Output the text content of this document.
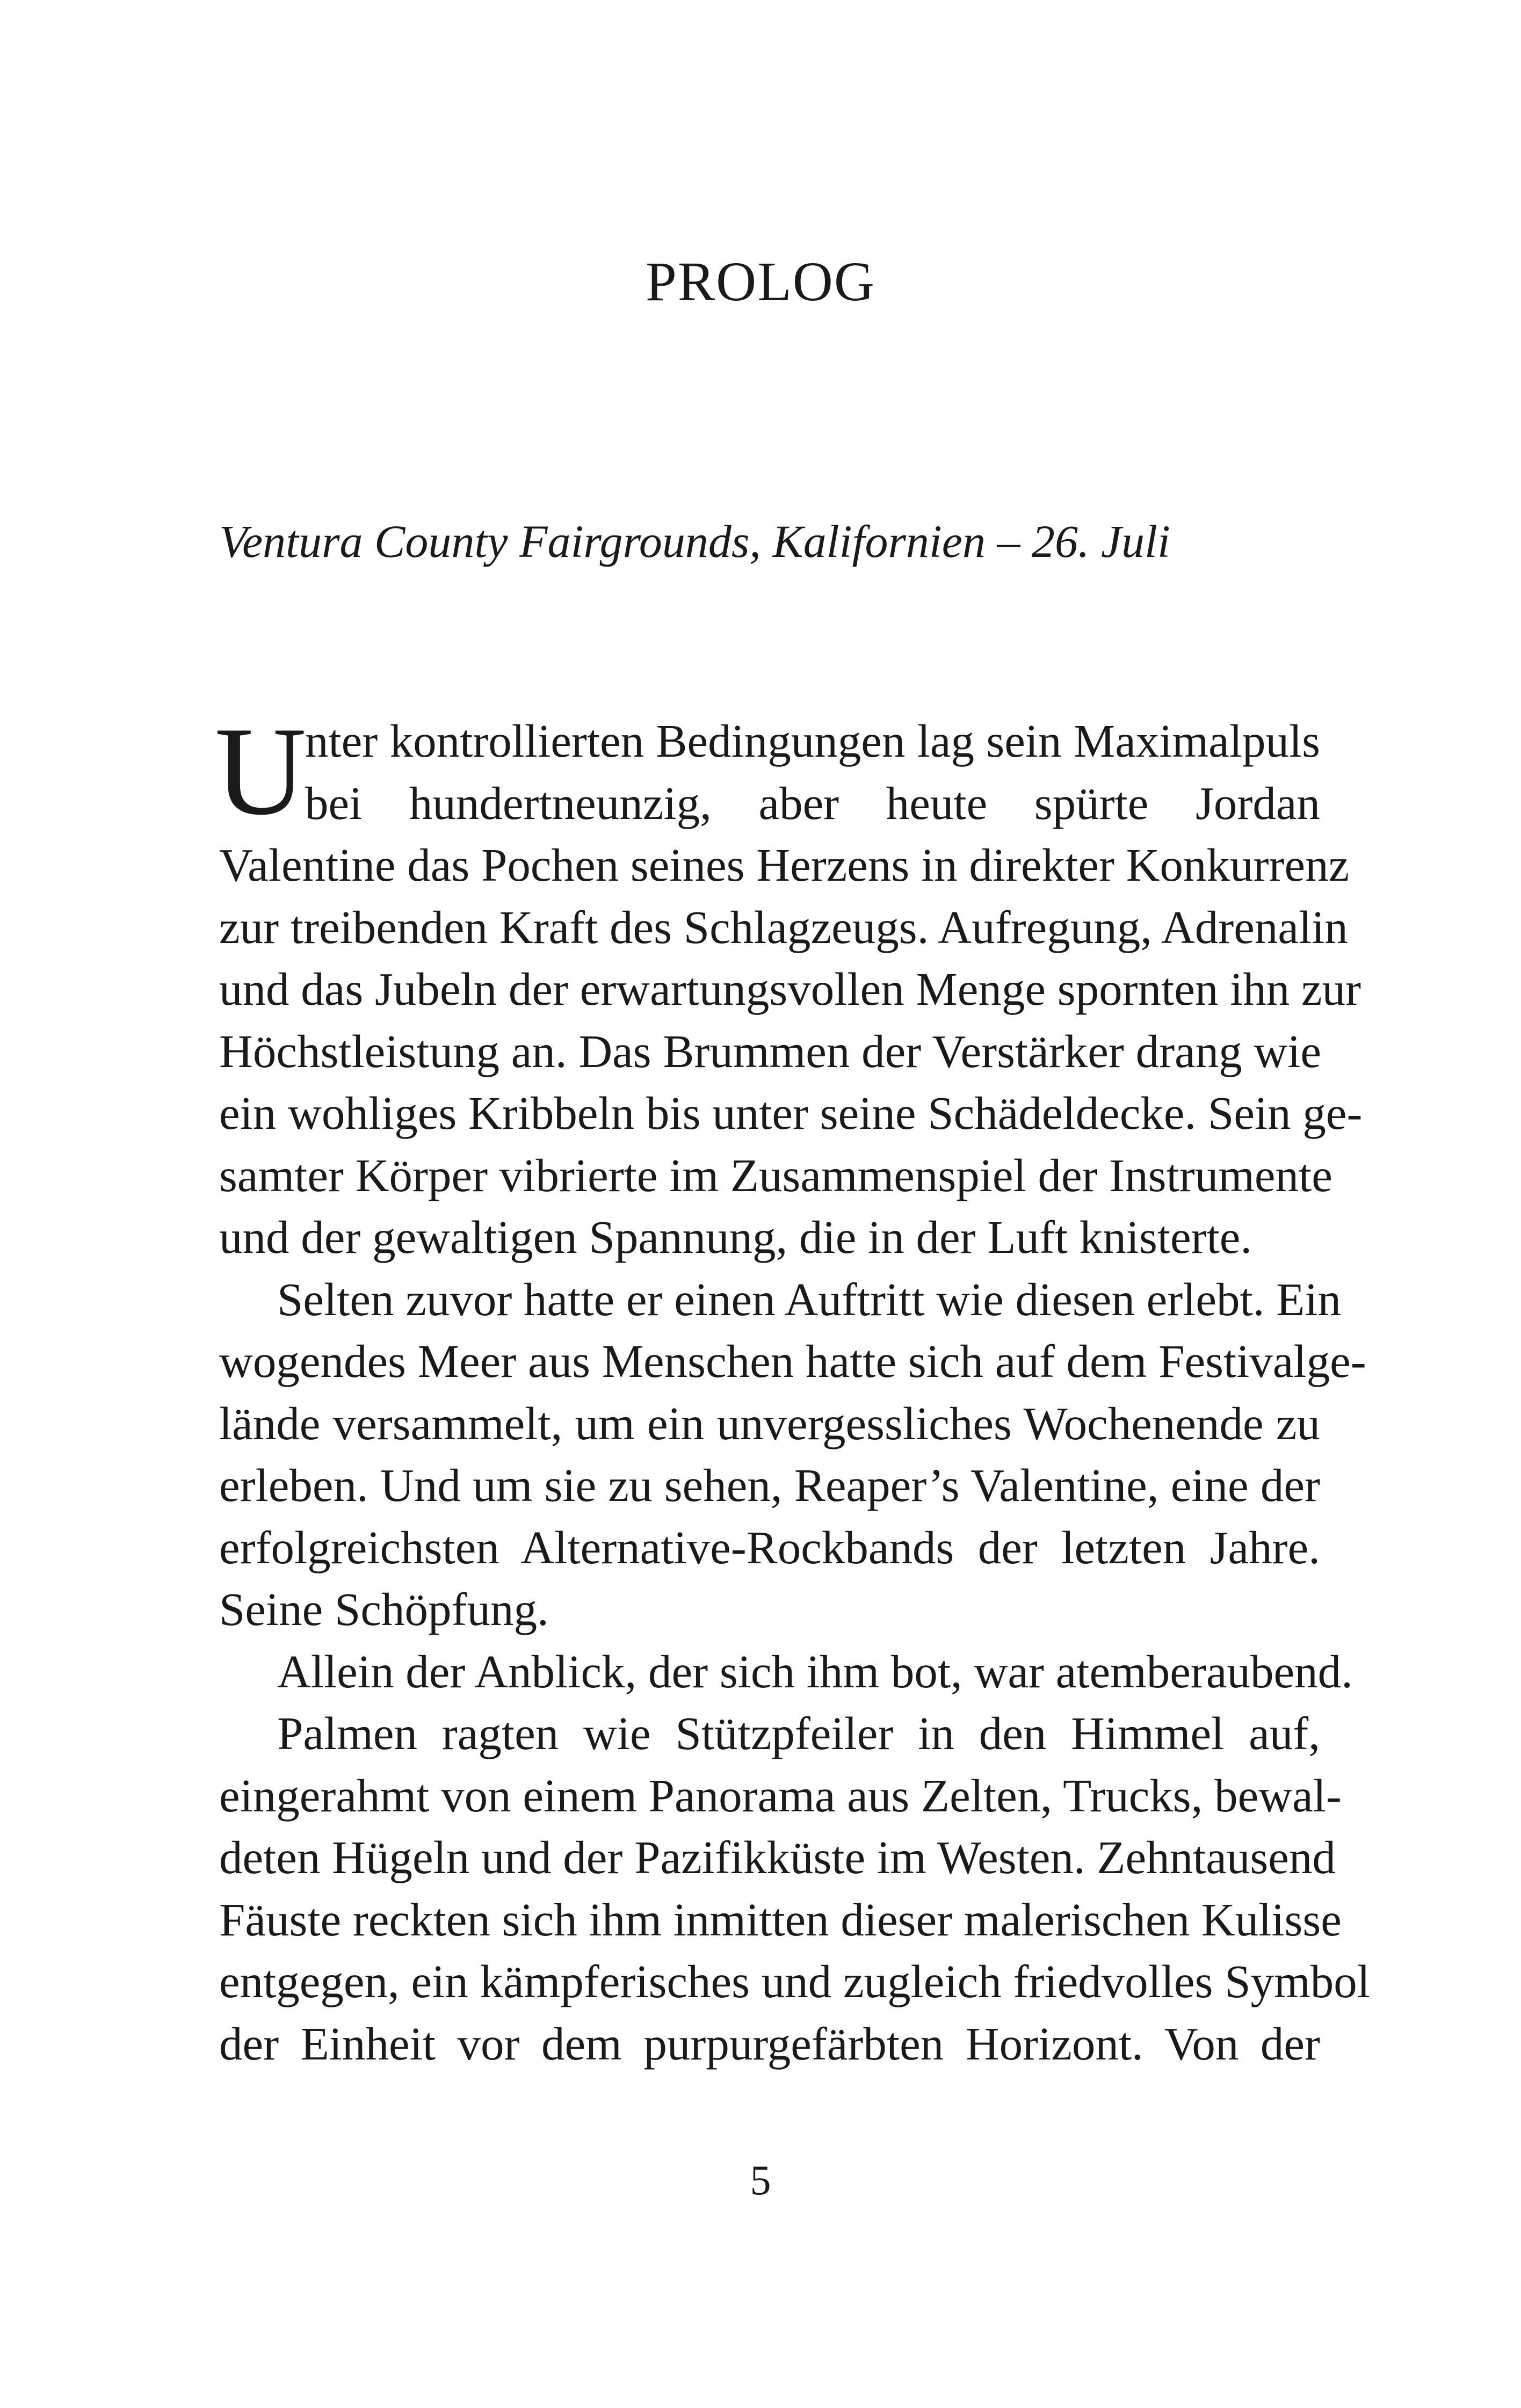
PROLOG

Ventura County Fairgrounds, Kalifornien – 26. Juli

U
nter kontrollierten Bedingungen lag sein Maximalpuls
bei hundertneunzig, aber heute spürte Jordan
Valentine das Pochen seines Herzens in direkter Konkurrenz
zur treibenden Kraft des Schlagzeugs. Aufregung, Adrenalin
und das Jubeln der erwartungsvollen Menge spornten ihn zur
Höchstleistung an. Das Brummen der Verstärker drang wie
ein wohliges Kribbeln bis unter seine Schädeldecke. Sein ge-
samter Körper vibrierte im Zusammenspiel der Instrumente
und der gewaltigen Spannung, die in der Luft knisterte.
Selten zuvor hatte er einen Auftritt wie diesen erlebt. Ein
wogendes Meer aus Menschen hatte sich auf dem Festivalge-
lände versammelt, um ein unvergessliches Wochenende zu
erleben. Und um sie zu sehen, Reaper’s Valentine, eine der
erfolgreichsten Alternative-Rockbands der letzten Jahre.
Seine Schöpfung.
Allein der Anblick, der sich ihm bot, war atemberaubend.
Palmen ragten wie Stützpfeiler in den Himmel auf,
eingerahmt von einem Panorama aus Zelten, Trucks, bewal-
deten Hügeln und der Pazifikküste im Westen. Zehntausend
Fäuste reckten sich ihm inmitten dieser malerischen Kulisse
entgegen, ein kämpferisches und zugleich friedvolles Symbol
der Einheit vor dem purpurgefärbten Horizont. Von der
5
